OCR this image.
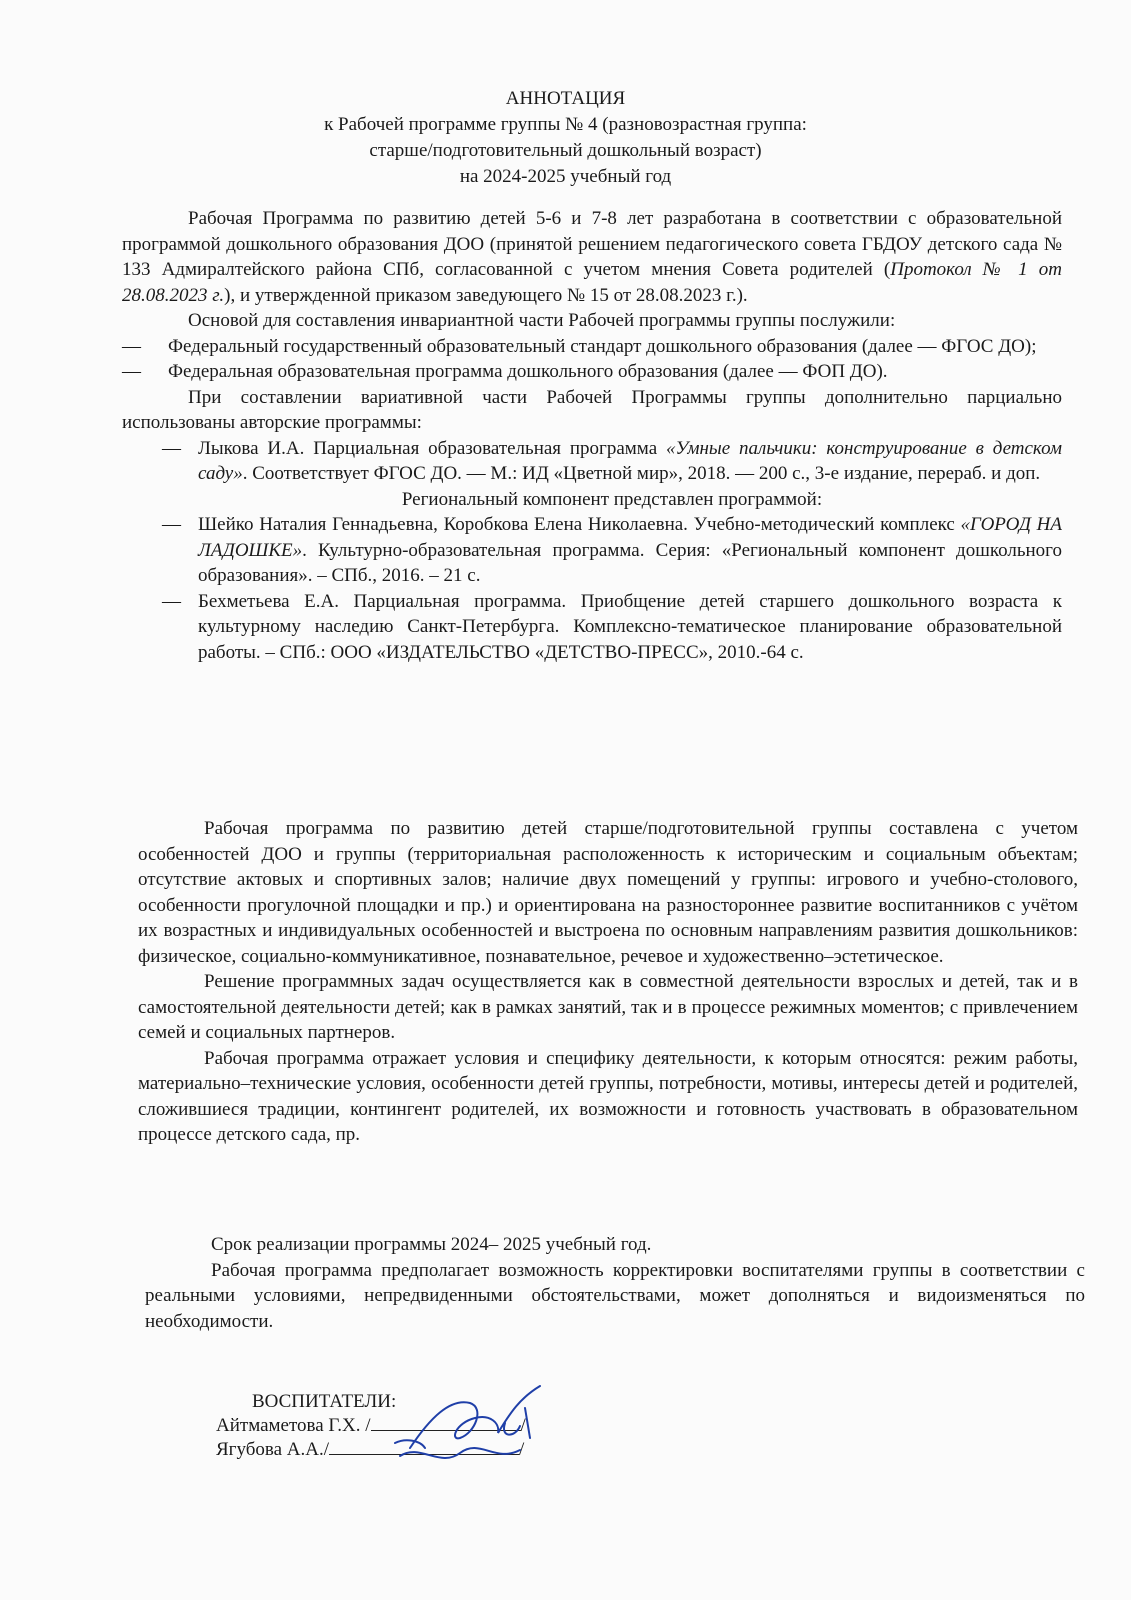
АННОТАЦИЯ
к Рабочей программе группы № 4 (разновозрастная группа:
старше/подготовительный дошкольный возраст)
на 2024-2025 учебный год

Рабочая Программа по развитию детей 5-6 и 7-8 лет разработана в соответствии с образовательной программой дошкольного образования ДОО (принятой решением педагогического совета ГБДОУ детского сада № 133 Адмиралтейского района СПб, согласованной с учетом мнения Совета родителей (Протокол № 1 от 28.08.2023 г.), и утвержденной приказом заведующего № 15 от 28.08.2023 г.).

Основой для составления инвариантной части Рабочей программы группы послужили:

— Федеральный государственный образовательный стандарт дошкольного образования (далее — ФГОС ДО);

— Федеральная образовательная программа дошкольного образования (далее — ФОП ДО).

При составлении вариативной части Рабочей Программы группы дополнительно парциально использованы авторские программы:

— Лыкова И.А. Парциальная образовательная программа «Умные пальчики: конструирование в детском саду». Соответствует ФГОС ДО. — М.: ИД «Цветной мир», 2018. — 200 с., 3-е издание, перераб. и доп.

Региональный компонент представлен программой:

— Шейко Наталия Геннадьевна, Коробкова Елена Николаевна. Учебно-методический комплекс «ГОРОД НА ЛАДОШКЕ». Культурно-образовательная программа. Серия: «Региональный компонент дошкольного образования». – СПб., 2016. – 21 с.

— Бехметьева Е.А. Парциальная программа. Приобщение детей старшего дошкольного возраста к культурному наследию Санкт-Петербурга. Комплексно-тематическое планирование образовательной работы. – СПб.: ООО «ИЗДАТЕЛЬСТВО «ДЕТСТВО-ПРЕСС», 2010.-64 с.

Рабочая программа по развитию детей старше/подготовительной группы составлена с учетом особенностей ДОО и группы (территориальная расположенность к историческим и социальным объектам; отсутствие актовых и спортивных залов; наличие двух помещений у группы: игрового и учебно-столового, особенности прогулочной площадки и пр.) и ориентирована на разностороннее развитие воспитанников с учётом их возрастных и индивидуальных особенностей и выстроена по основным направлениям развития дошкольников: физическое, социально-коммуникативное, познавательное, речевое и художественно–эстетическое.

Решение программных задач осуществляется как в совместной деятельности взрослых и детей, так и в самостоятельной деятельности детей; как в рамках занятий, так и в процессе режимных моментов; с привлечением семей и социальных партнеров.

Рабочая программа отражает условия и специфику деятельности, к которым относятся: режим работы, материально–технические условия, особенности детей группы, потребности, мотивы, интересы детей и родителей, сложившиеся традиции, контингент родителей, их возможности и готовность участвовать в образовательном процессе детского сада, пр.

Срок реализации программы 2024– 2025 учебный год.

Рабочая программа предполагает возможность корректировки воспитателями группы в соответствии с реальными условиями, непредвиденными обстоятельствами, может дополняться и видоизменяться по необходимости.

ВОСПИТАТЕЛИ:
Айтмаметова Г.Х. /	/
Ягубова А.А./	/
